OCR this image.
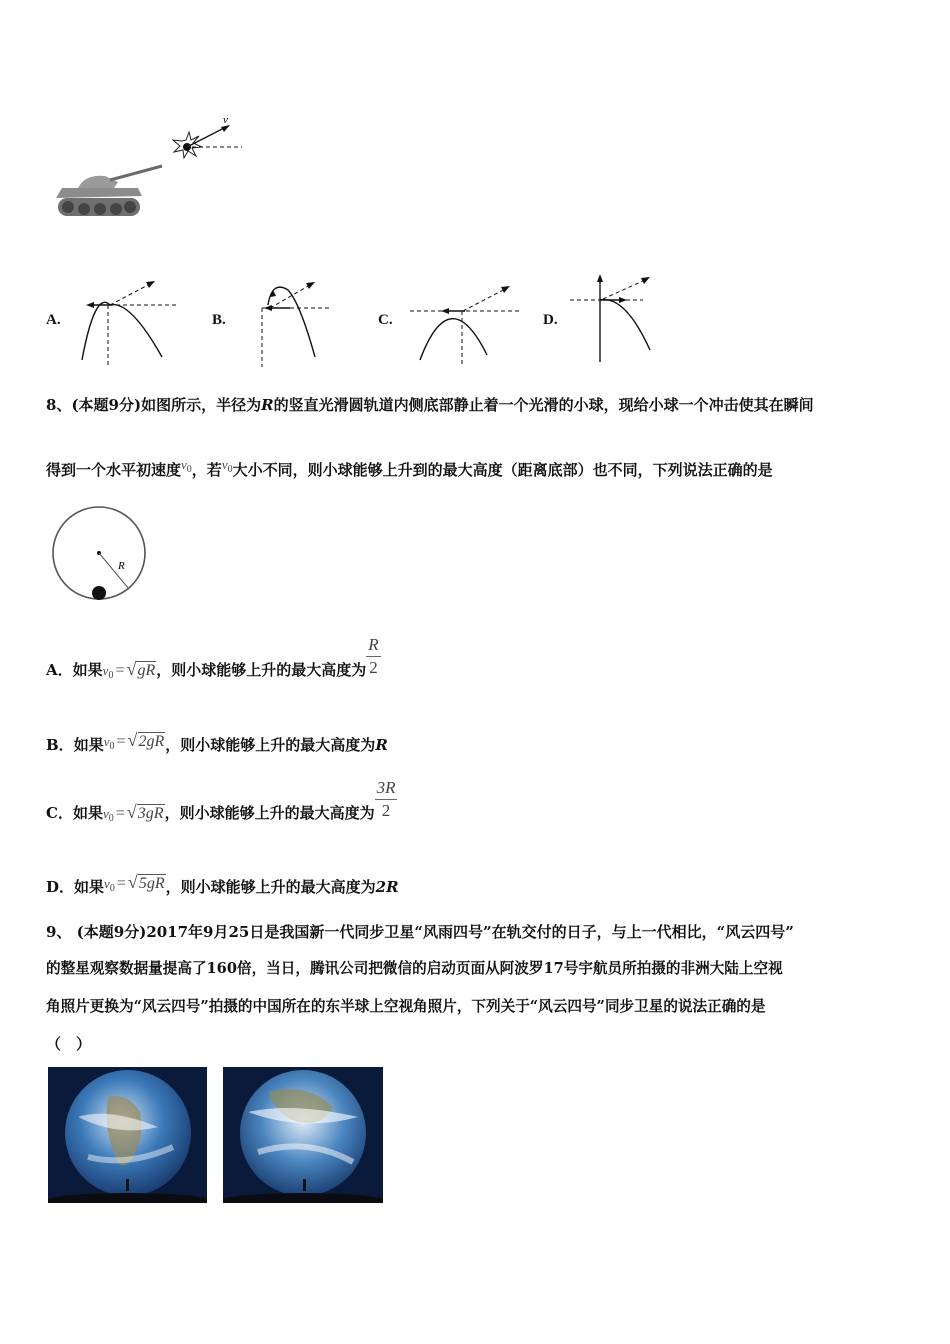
v
A.	B.	C.	D.
8、(本题9分)如图所示，半径为R的竖直光滑圆轨道内侧底部静止着一个光滑的小球，现给小球一个冲击使其在瞬间
得到一个水平初速度$v_0$，若$v_0$大小不同，则小球能够上升到的最大高度（距离底部）也不同，下列说法正确的是
R
A．如果$v_0$ = √ gR，则小球能够上升的最大高度为 $\frac{R}{2}$
B．如果$v_0$ = √ 2gR，则小球能够上升的最大高度为R
C．如果$v_0$ = √ 3gR，则小球能够上升的最大高度为 $\frac{3R}{2}$
D．如果$v_0$ = √ 5gR，则小球能够上升的最大高度为2R
9、 (本题9分)2017年9月25日是我国新一代同步卫星“风雨四号”在轨交付的日子，与上一代相比，“风云四号”
的整星观察数据量提高了160倍，当日，腾讯公司把微信的启动页面从阿波罗17号宇航员所拍摄的非洲大陆上空视
角照片更换为“风云四号”拍摄的中国所在的东半球上空视角照片，下列关于“风云四号”同步卫星的说法正确的是
（　）
